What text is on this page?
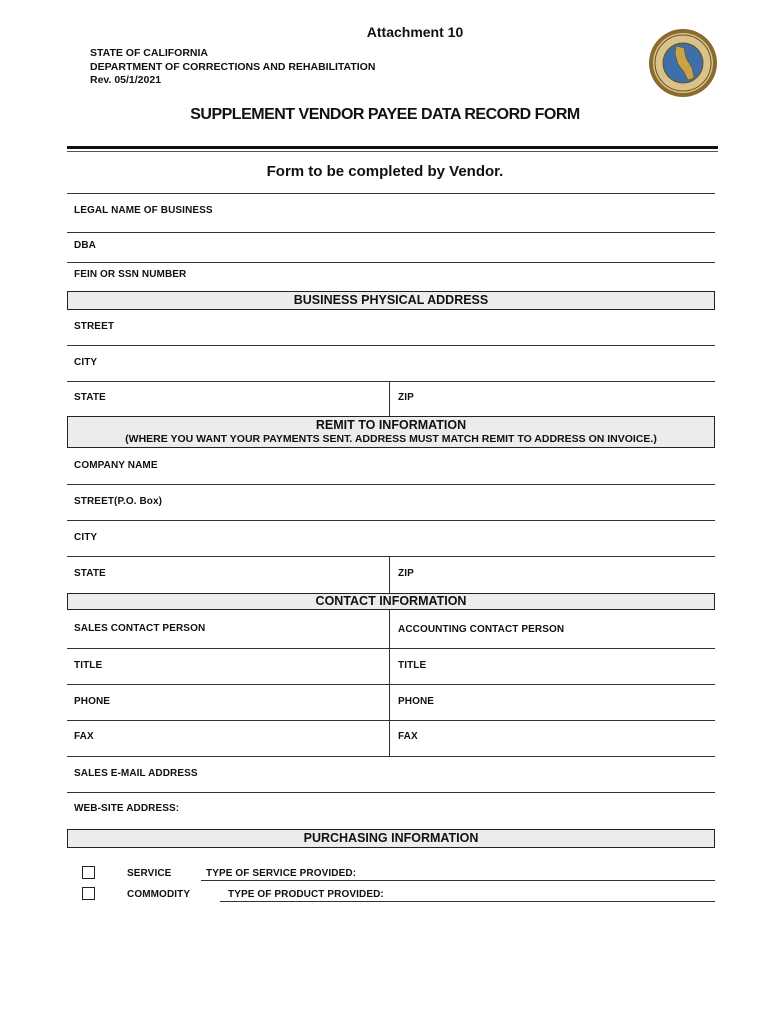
Attachment 10
STATE OF CALIFORNIA
DEPARTMENT OF CORRECTIONS AND REHABILITATION
Rev. 05/1/2021
SUPPLEMENT VENDOR PAYEE DATA RECORD FORM
Form to be completed by Vendor.
LEGAL NAME OF BUSINESS
DBA
FEIN OR SSN NUMBER
BUSINESS PHYSICAL ADDRESS
STREET
CITY
STATE	ZIP
REMIT TO INFORMATION
(WHERE YOU WANT YOUR PAYMENTS SENT. ADDRESS MUST MATCH REMIT TO ADDRESS ON INVOICE.)
COMPANY NAME
STREET(P.O. Box)
CITY
STATE	ZIP
CONTACT INFORMATION
SALES CONTACT PERSON	ACCOUNTING CONTACT PERSON
TITLE	TITLE
PHONE	PHONE
FAX	FAX
SALES E-MAIL ADDRESS
WEB-SITE ADDRESS:
PURCHASING INFORMATION
SERVICE	TYPE OF SERVICE PROVIDED:
COMMODITY	TYPE OF PRODUCT PROVIDED:
